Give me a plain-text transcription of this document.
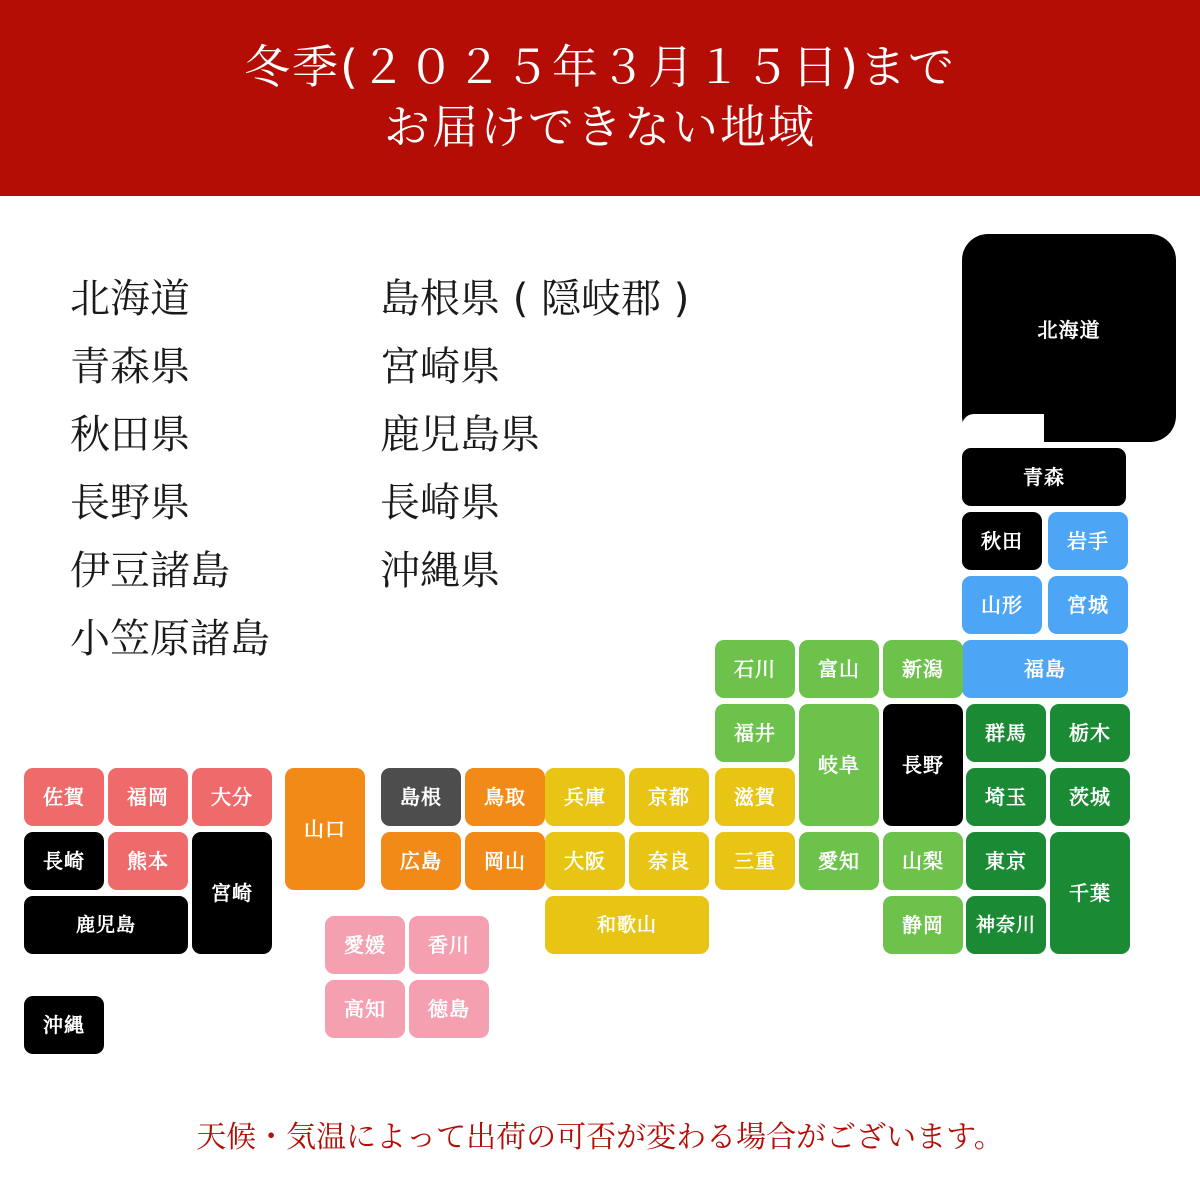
冬季(２０２５年３月１５日)まで
お届けできない地域
北海道
青森県
秋田県
長野県
伊豆諸島
小笠原諸島
島根県 ( 隠岐郡 )
宮崎県
鹿児島県
長崎県
沖縄県
北海道
青森
秋田 岩手
山形 宮城
福島
石川 富山 新潟
福井
岐阜 長野
群馬 栃木
滋賀	埼玉 茨城
三重 愛知 山梨 東京
千葉
静岡 神奈川
京都
兵庫
大阪 奈良
和歌山
鳥取
島根
岡山
広島
山口
愛媛 香川
高知 徳島
佐賀 福岡 大分
長崎 熊本
宮崎
鹿児島
沖縄
天候・気温によって出荷の可否が変わる場合がございます。
